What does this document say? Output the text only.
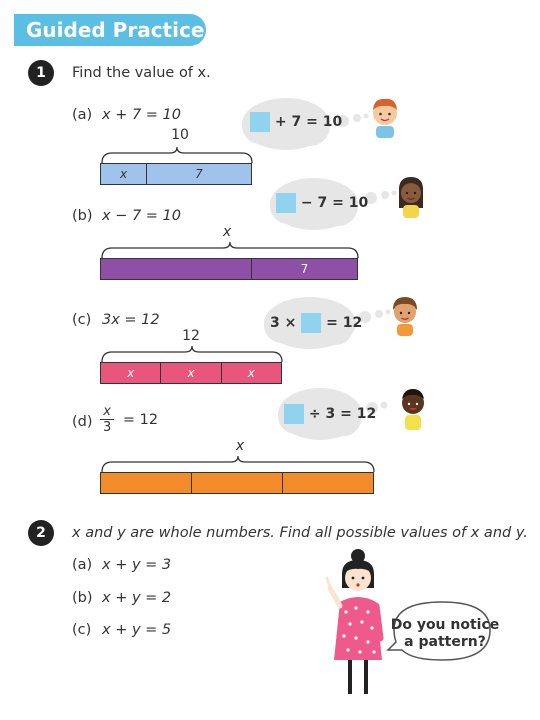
Guided Practice
1 Find the value of x.
(a) x + 7 = 10
10
x	7
+ 7 = 10
(b) x − 7 = 10
x
7
− 7 = 10
(c) 3x = 12
12
x	x	x
3 × = 12
$(d) \frac{x}{3} = 12$
x
÷ 3 = 12
2 x and y are whole numbers. Find all possible values of x and y.
(a) x + y = 3
(b) x + y = 2
(c) x + y = 5	Do you notice
a pattern?
